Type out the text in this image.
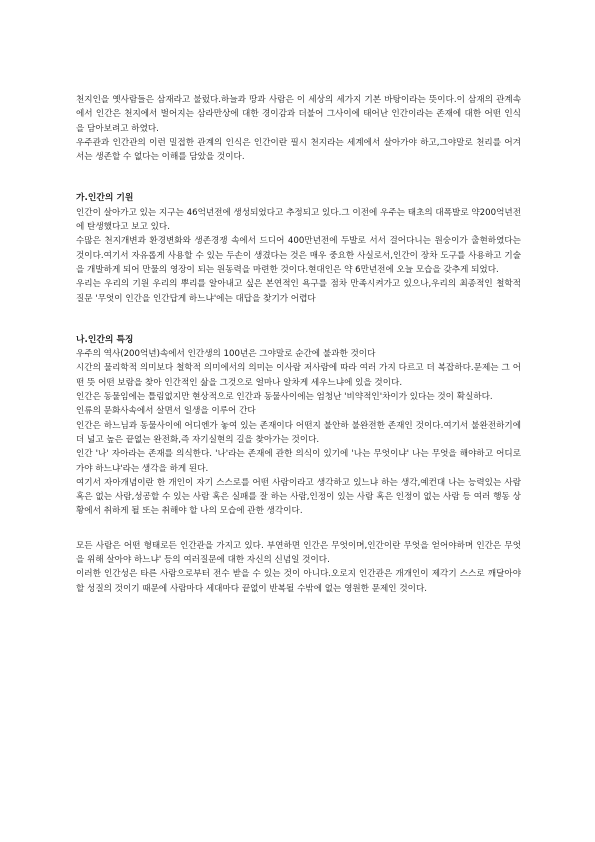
천지인을 옛사람들은 삼재라고 불렀다.하늘과 땅과 사람은 이 세상의 세가지 기본 바탕이라는 뜻이다.이 삼재의 관계속에서 인간은 천지에서 벌어지는 삼라만상에 대한 경이감과 더불어 그사이에 태어난 인간이라는 존재에 대한 어떤 인식을 담아보려고 하였다.

우주관과 인간관의 이런 밀접한 관계의 인식은 인간이란 필시 천지라는 세계에서 살아가야 하고,그야말로 천리를 어겨서는 생존할 수 없다는 이해를 담았을 것이다.

가.인간의 기원

인간이 살아가고 있는 지구는 46억년전에 생성되었다고 추정되고 있다.그 이전에 우주는 태초의 대폭발로 약200억년전에 탄생했다고 보고 있다.

수많은 천지개변과 환경변화와 생존경쟁 속에서 드디어 400만년전에 두발로 서서 걸어다니는 원숭이가 출현하였다는 것이다.여기서 자유롭게 사용할 수 있는 두손이 생겼다는 것은 매우 중요한 사실로서,인간이 장차 도구를 사용하고 기술을 개발하게 되어 만물의 영장이 되는 원동력을 마련한 것이다.현대인은 약 6만년전에 오늘 모습을 갖추게 되었다.

우리는 우리의 기원 우리의 뿌리를 알아내고 싶은 본연적인 욕구를 점차 만족시켜가고 있으나,우리의 최종적인 철학적 질문 '무엇이 인간을 인간답게 하느냐'에는 대답을 찾기가 어렵다

나.인간의 특징

우주의 역사(200억년)속에서 인간생의 100년은 그야말로 순간에 불과한 것이다

시간의 물리학적 의미보다 철학적 의미에서의 의미는 이사람 저사람에 따라 여러 가지 다르고 더 복잡하다.문제는 그 어떤 뜻 어떤 보람을 찾아 인간적인 삶을 그것으로 얼마나 알차게 세우느냐에 있을 것이다.

인간은 동물임에는 틀림없지만 현상적으로 인간과 동물사이에는 엄청난 '비약적인'차이가 있다는 것이 확실하다.

인류의 문화사속에서 살면서 일생을 이루어 간다

인간은 하느님과 동물사이에 어디엔가 놓여 있는 존재이다 어떤지 불안하 불완전한 존재인 것이다.여기서 불완전하기에 더 넓고 높은 끝없는 완전화,즉 자기실현의 길을 찾아가는 것이다.

인간 '나' 자아라는 존재를 의식한다. '나'라는 존재에 관한 의식이 있기에 '나는 무엇이냐' 나는 무엇을 해야하고 어디로 가야 하느냐'라는 생각을 하게 된다.

여기서 자아개념이란 한 개인이 자기 스스로를 어떤 사람이라고 생각하고 있느냐 하는 생각,예컨대 나는 능력있는 사람 혹은 없는 사람,성공할 수 있는 사람 혹은 실패를 잘 하는 사람,인정이 있는 사람 혹은 인정이 없는 사람 등 여러 행동 상황에서 취하게 될 또는 취해야 할 나의 모습에 관한 생각이다.

모든 사람은 어떤 형태로든 인간관을 가지고 있다. 부연하면 인간은 무엇이며,인간이란 무엇을 얻어야하며 인간은 무엇을 위해 살아야 하느냐' 등의 여러질문에 대한 자신의 신념일 것이다.

이러한 인간성은 타른 사람으로부터 전수 받을 수 있는 것이 아니다.오로지 인간관은 개개인이 제각기 스스로 깨달아야 할 성질의 것이기 때문에 사람마다 세대마다 끝없이 반복될 수밖에 없는 영원한 문제인 것이다.
